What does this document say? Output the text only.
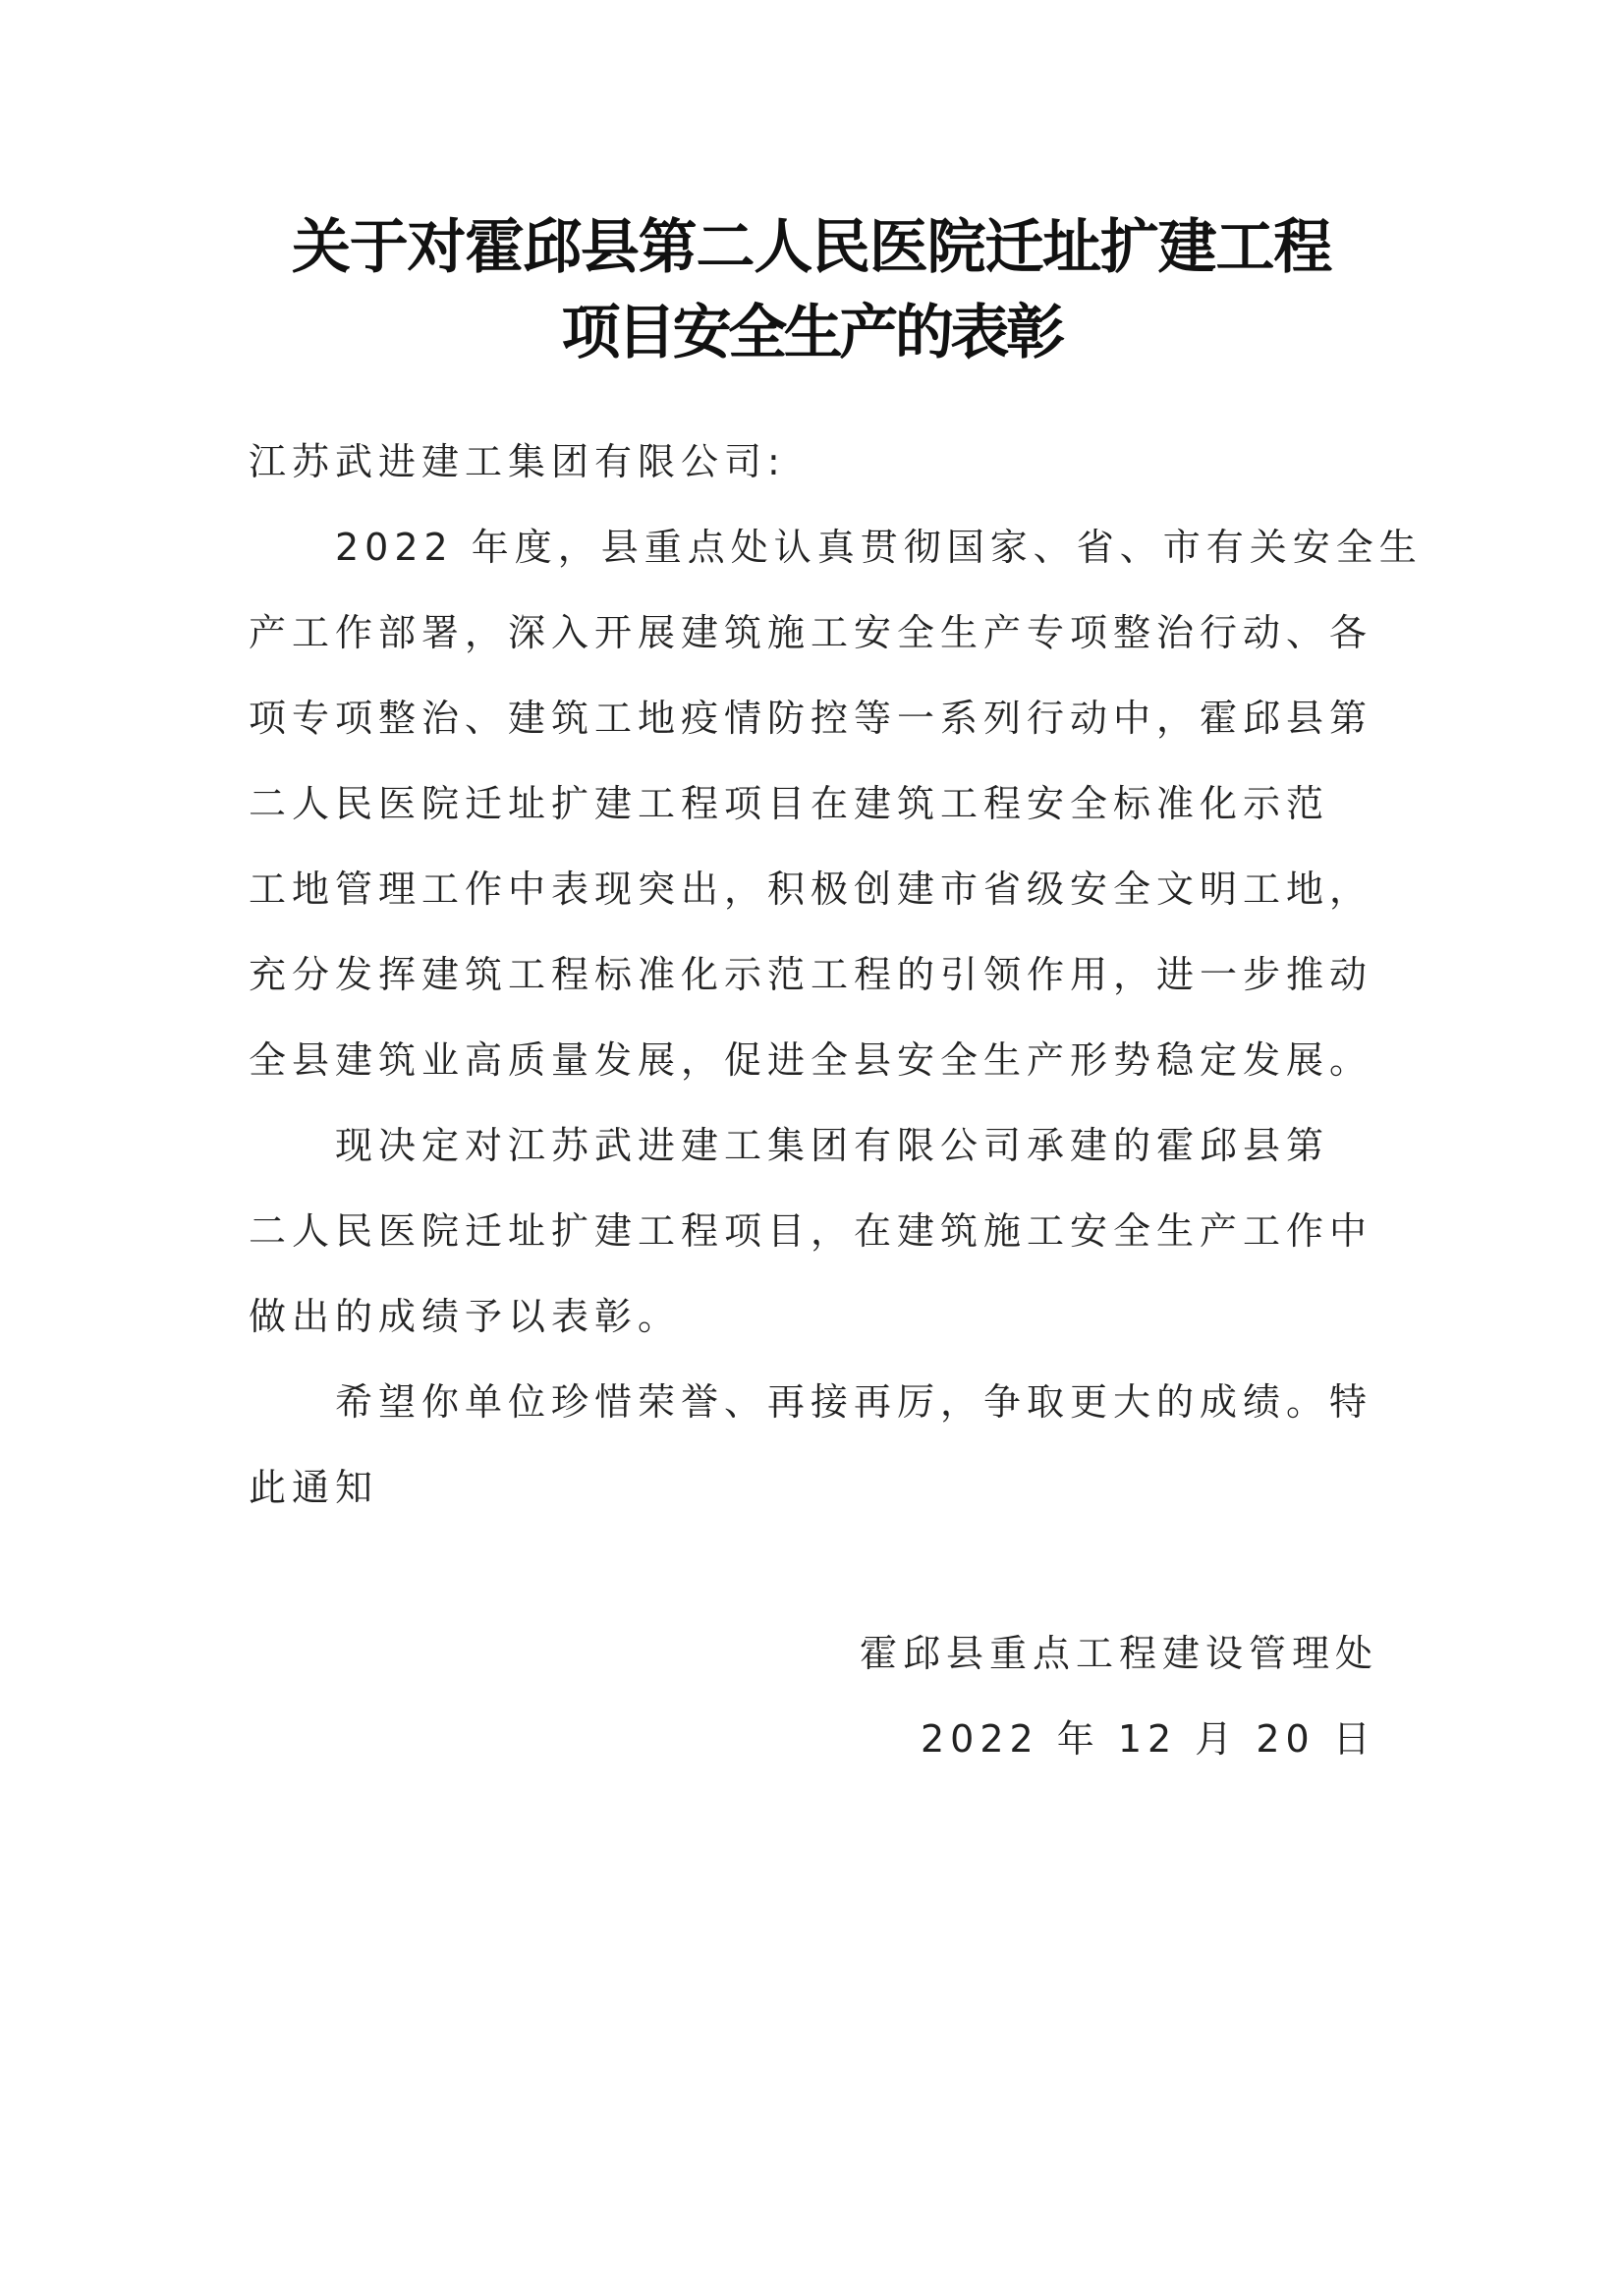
关于对霍邱县第二人民医院迁址扩建工程
项目安全生产的表彰
江苏武进建工集团有限公司:
2022 年度，县重点处认真贯彻国家、省、市有关安全生
产工作部署，深入开展建筑施工安全生产专项整治行动、各
项专项整治、建筑工地疫情防控等一系列行动中，霍邱县第
二人民医院迁址扩建工程项目在建筑工程安全标准化示范
工地管理工作中表现突出，积极创建市省级安全文明工地，
充分发挥建筑工程标准化示范工程的引领作用，进一步推动
全县建筑业高质量发展，促进全县安全生产形势稳定发展。
现决定对江苏武进建工集团有限公司承建的霍邱县第
二人民医院迁址扩建工程项目，在建筑施工安全生产工作中
做出的成绩予以表彰。
希望你单位珍惜荣誉、再接再厉，争取更大的成绩。特
此通知
霍邱县重点工程建设管理处
2022 年 12 月 20 日
